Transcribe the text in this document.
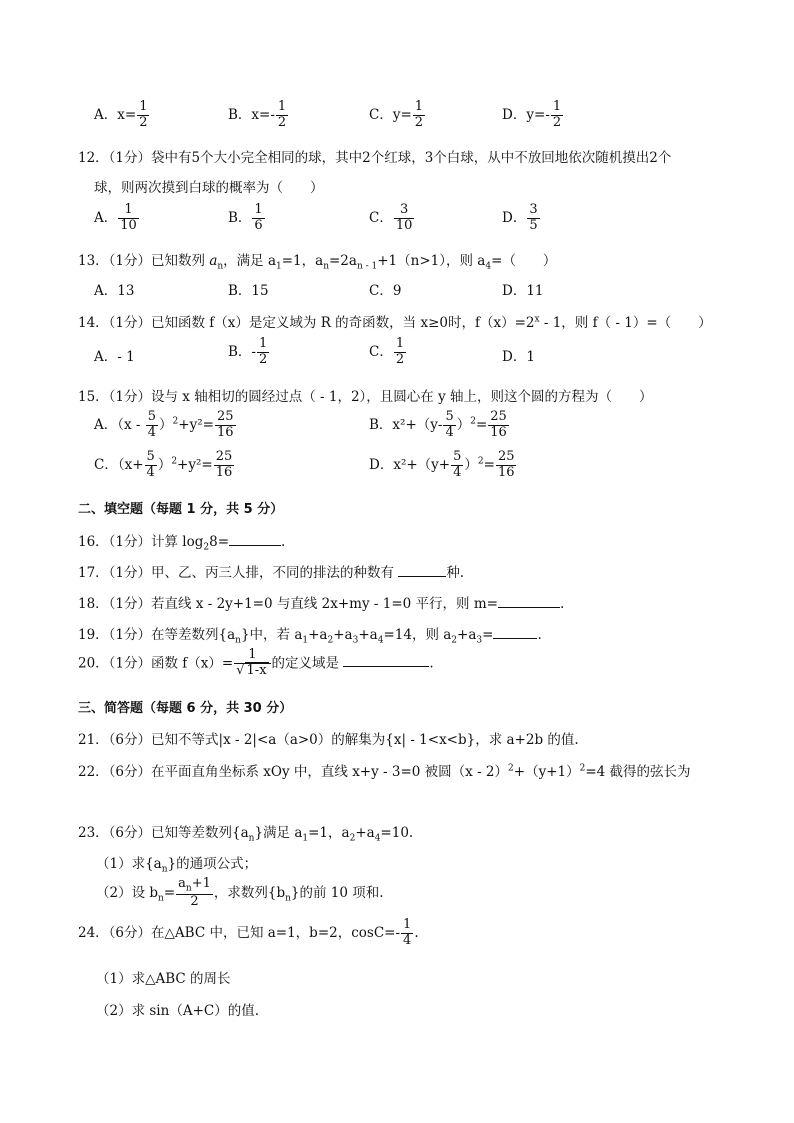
A．$x= \frac{1}{2}$	B．$x=- \frac{1}{2}$	C．$y= \frac{1}{2}$	D．$y=- \frac{1}{2}$
12．（1分）袋中有5个大小完全相同的球，其中2个红球，3个白球，从中不放回地依次随机摸出2个
球，则两次摸到白球的概率为（　　）
A． $\frac{1}{10}$	B． $\frac{1}{6}$	C． $\frac{3}{10}$	D． $\frac{3}{5}$
13．（1分）已知数列 $a_n$，满足 $a_1=1$，$a_n=2a_{n - 1}+1(n>1)$，则 $a_4=$（　　）
A．13	B．15	C．9	D．11
14．（1分）已知函数 f（x）是定义域为 R 的奇函数，当 x≥0时，$f(x)=2^x - 1$，则 f（ - 1）=（　　）
A．- 1	B．- $\frac{1}{2}$	C． $\frac{1}{2}$	D．1
15．（1分）设与 x 轴相切的圆经过点（ - 1，2），且圆心在 y 轴上，则这个圆的方程为（　　）
A．$(x - \frac{5}{4} )^2+y^2= \frac{25}{16}$	B．$x^2+(y- \frac{5}{4} )^2= \frac{25}{16}$
C．$(x+ \frac{5}{4} )^2+y^2= \frac{25}{16}$	D．$x^2+(y+ \frac{5}{4} )^2= \frac{25}{16}$
二、填空题（每题 1 分，共 5 分）
16．（1分）计算 $\log_28=$	.
17．（1分）甲、乙、丙三人排，不同的排法的种数有	种.
18．（1分）若直线 x - 2y+1=0 与直线 2x+my - 1=0 平行，则 m=	.
19．（1分）在等差数列$\{a_n\}$中，若 $a_1+a_2+a_3+a_4=14$，则 $a_2+a_3=$	.
20．（1分）函数 $f(x)= \frac{1}{√ 1-x}$ 的定义域是	.
三、简答题（每题 6 分，共 30 分）
21．（6分）已知不等式|x - 2|<a（a>0）的解集为{x| - 1<x<b}，求 a+2b 的值.
22．（6分）在平面直角坐标系 xOy 中，直线 x+y - 3=0 被圆$(x - 2)^2+(y+1)^2=4$ 截得的弦长为
23．（6分）已知等差数列$\{a_n\}$满足 $a_1=1$，$a_2+a_4=10$.
（1）求$\{a_n\}$的通项公式；
（2）设 $b_n= \frac{a_n+1}{2}$ ，求数列$\{b_n\}$的前 10 项和.
24．（6分）在△ABC 中，已知 a=1，b=2，$\cos C=- \frac{1}{4}$ .
（1）求△ABC 的周长
（2）求 sin（A+C）的值.
